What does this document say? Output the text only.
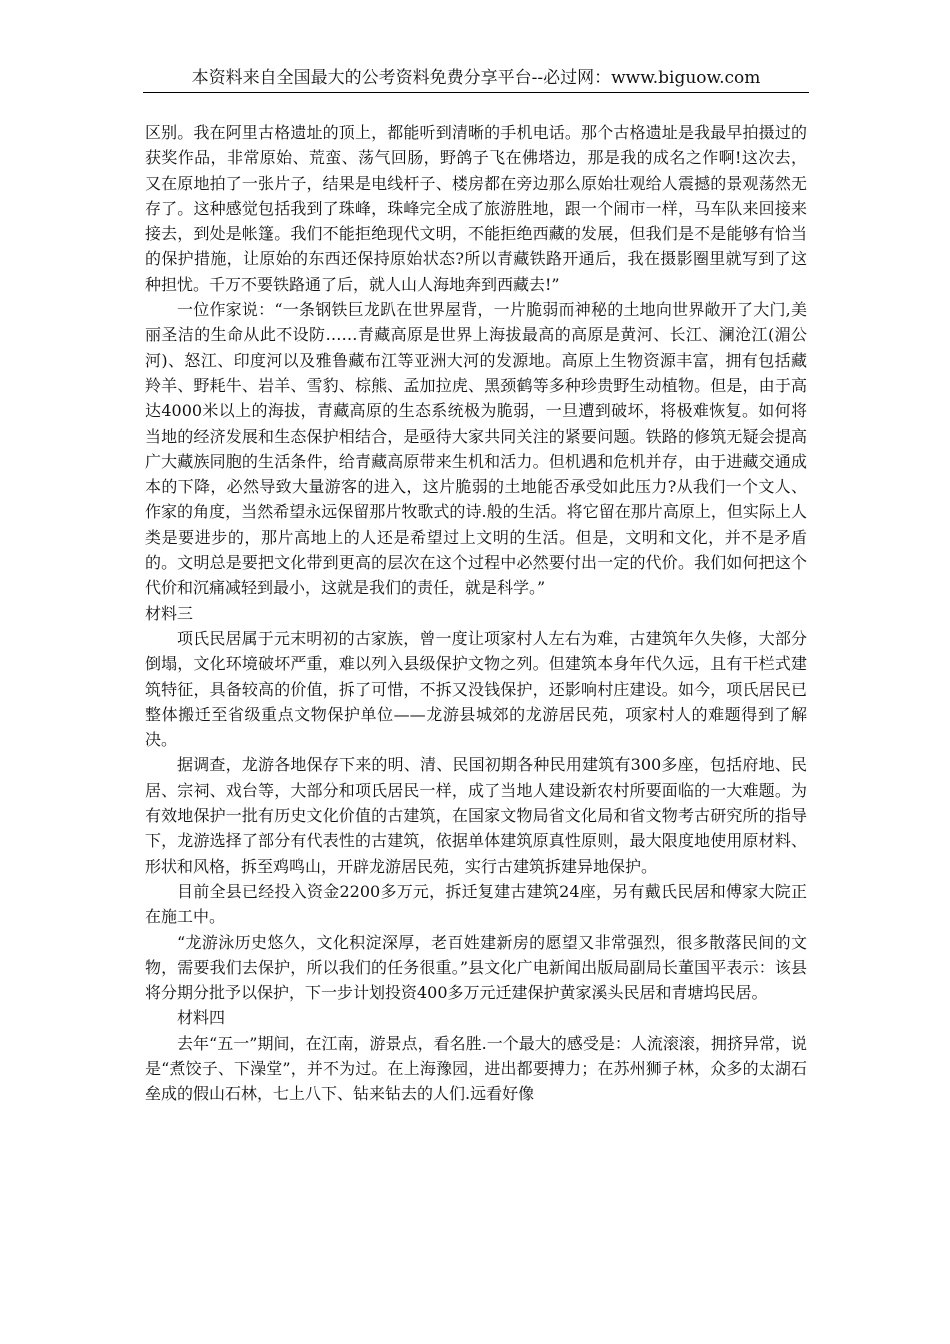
本资料来自全国最大的公考资料免费分享平台--必过网：www.biguow.com

区别。我在阿里古格遗址的顶上，都能听到清晰的手机电话。那个古格遗址是我最早拍摄过的获奖作品，非常原始、荒蛮、荡气回肠，野鸽子飞在佛塔边，那是我的成名之作啊!这次去，又在原地拍了一张片子，结果是电线杆子、楼房都在旁边那么原始壮观给人震撼的景观荡然无存了。这种感觉包括我到了珠峰，珠峰完全成了旅游胜地，跟一个闹市一样，马车队来回接来接去，到处是帐篷。我们不能拒绝现代文明，不能拒绝西藏的发展，但我们是不是能够有恰当的保护措施，让原始的东西还保持原始状态?所以青藏铁路开通后，我在摄影圈里就写到了这种担忧。千万不要铁路通了后，就人山人海地奔到西藏去!”

一位作家说：“一条钢铁巨龙趴在世界屋背，一片脆弱而神秘的土地向世界敞开了大门,美丽圣洁的生命从此不设防……青藏高原是世界上海拔最高的高原是黄河、长江、澜沧江(湄公河)、怒江、印度河以及雅鲁藏布江等亚洲大河的发源地。高原上生物资源丰富，拥有包括藏羚羊、野耗牛、岩羊、雪豹、棕熊、孟加拉虎、黑颈鹤等多种珍贵野生动植物。但是，由于高达4000米以上的海拔，青藏高原的生态系统极为脆弱，一旦遭到破坏，将极难恢复。如何将当地的经济发展和生态保护相结合，是亟待大家共同关注的紧要问题。铁路的修筑无疑会提高广大藏族同胞的生活条件，给青藏高原带来生机和活力。但机遇和危机并存，由于进藏交通成本的下降，必然导致大量游客的进入，这片脆弱的土地能否承受如此压力?从我们一个文人、作家的角度，当然希望永远保留那片牧歌式的诗.般的生活。将它留在那片高原上，但实际上人类是要进步的，那片高地上的人还是希望过上文明的生活。但是，文明和文化，并不是矛盾的。文明总是要把文化带到更高的层次在这个过程中必然要付出一定的代价。我们如何把这个代价和沉痛减轻到最小，这就是我们的责任，就是科学。”

材料三

项氏民居属于元末明初的古家族，曾一度让项家村人左右为难，古建筑年久失修，大部分倒塌，文化环境破坏严重，难以列入县级保护文物之列。但建筑本身年代久远，且有干栏式建筑特征，具备较高的价值，拆了可惜，不拆又没钱保护，还影响村庄建设。如今，项氏居民已整体搬迁至省级重点文物保护单位——龙游县城郊的龙游居民苑，项家村人的难题得到了解决。

据调查，龙游各地保存下来的明、清、民国初期各种民用建筑有300多座，包括府地、民居、宗祠、戏台等，大部分和项氏居民一样，成了当地人建设新农村所要面临的一大难题。为有效地保护一批有历史文化价值的古建筑，在国家文物局省文化局和省文物考古研究所的指导下，龙游选择了部分有代表性的古建筑，依据单体建筑原真性原则，最大限度地使用原材料、形状和风格，拆至鸡鸣山，开辟龙游居民苑，实行古建筑拆建异地保护。

目前全县已经投入资金2200多万元，拆迁复建古建筑24座，另有戴氏民居和傅家大院正在施工中。

“龙游泳历史悠久，文化积淀深厚，老百姓建新房的愿望又非常强烈，很多散落民间的文物，需要我们去保护，所以我们的任务很重。”县文化广电新闻出版局副局长董国平表示：该县将分期分批予以保护，下一步计划投资400多万元迁建保护黄家溪头民居和青塘坞民居。

材料四

去年“五一”期间，在江南，游景点，看名胜.一个最大的感受是：人流滚滚，拥挤异常，说是“煮饺子、下澡堂”，并不为过。在上海豫园，进出都要搏力；在苏州狮子林，众多的太湖石垒成的假山石林，七上八下、钻来钻去的人们.远看好像
